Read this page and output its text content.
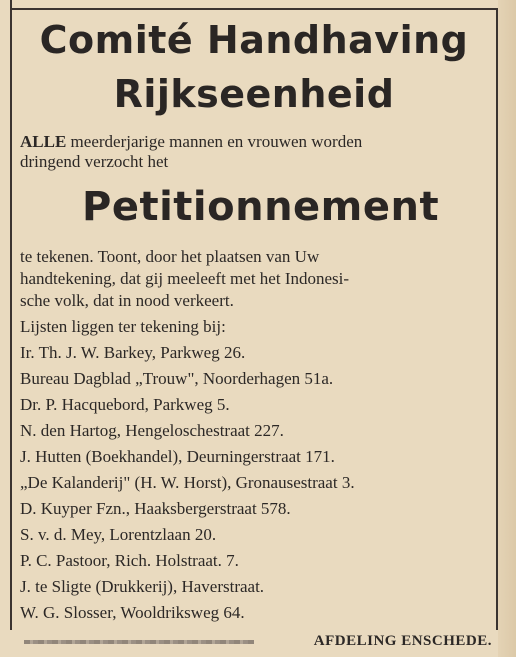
Comité Handhaving

Rijkseenheid

ALLE meerderjarige mannen en vrouwen worden

dringend verzocht het

Petitionnement

te tekenen. Toont, door het plaatsen van Uw

handtekening, dat gij meeleeft met het Indonesi-

sche volk, dat in nood verkeert.

Lijsten liggen ter tekening bij:

Ir. Th. J. W. Barkey, Parkweg 26.

Bureau Dagblad „Trouw", Noorderhagen 51a.

Dr. P. Hacquebord, Parkweg 5.

N. den Hartog, Hengeloschestraat 227.

J. Hutten (Boekhandel), Deurningerstraat 171.

„De Kalanderij" (H. W. Horst), Gronausestraat 3.

D. Kuyper Fzn., Haaksbergerstraat 578.

S. v. d. Mey, Lorentzlaan 20.

P. C. Pastoor, Rich. Holstraat. 7.

J. te Sligte (Drukkerij), Haverstraat.

W. G. Slosser, Wooldriksweg 64.

AFDELING ENSCHEDE.
